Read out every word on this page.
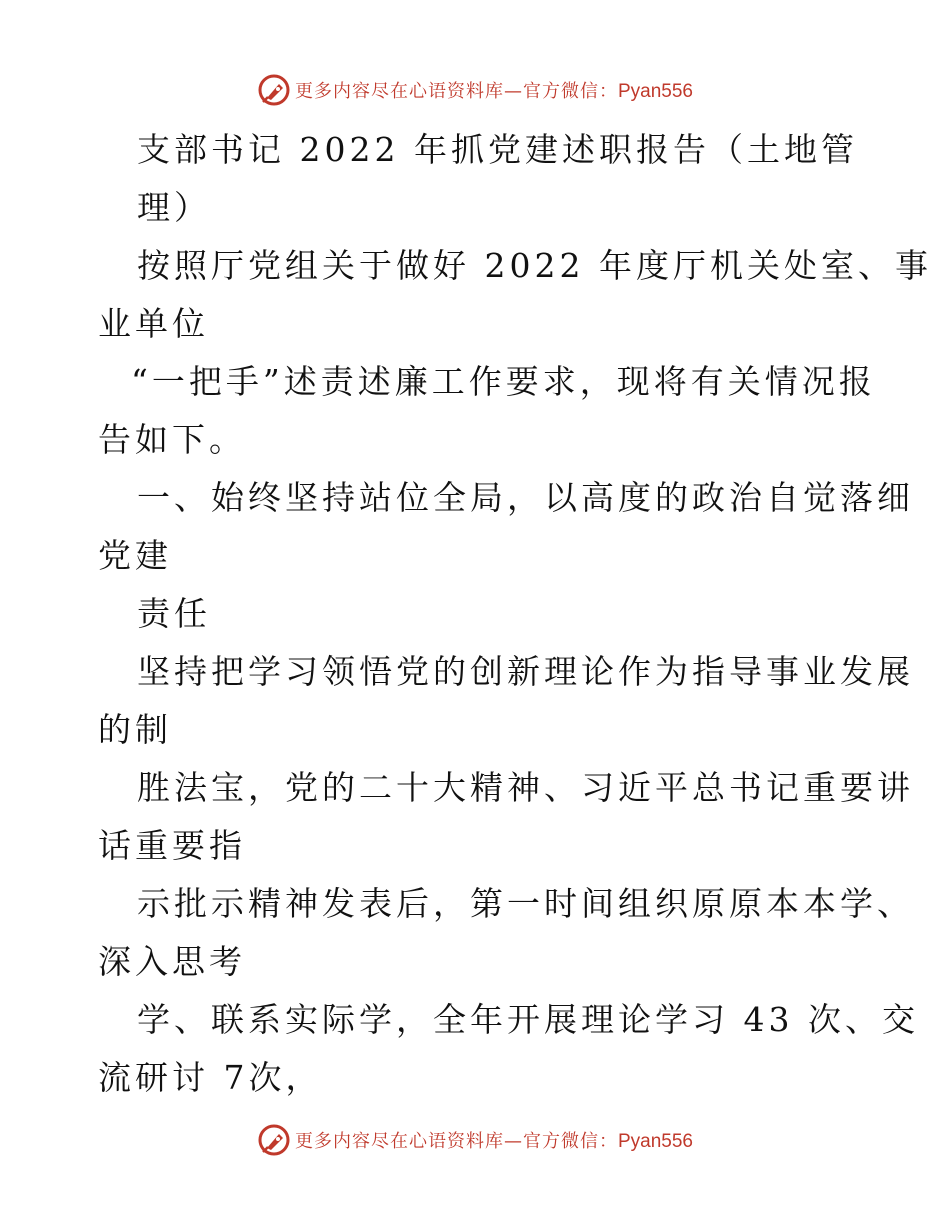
更多内容尽在心语资料库—官方微信：Pyan556
支部书记 2022 年抓党建述职报告（土地管
理）
按照厅党组关于做好 2022 年度厅机关处室、事
业单位
“一把手”述责述廉工作要求，现将有关情况报
告如下。
一、始终坚持站位全局，以高度的政治自觉落细
党建
责任
坚持把学习领悟党的创新理论作为指导事业发展
的制
胜法宝，党的二十大精神、习近平总书记重要讲
话重要指
示批示精神发表后，第一时间组织原原本本学、
深入思考
学、联系实际学，全年开展理论学习 43 次、交
流研讨 7次，
更多内容尽在心语资料库—官方微信：Pyan556
